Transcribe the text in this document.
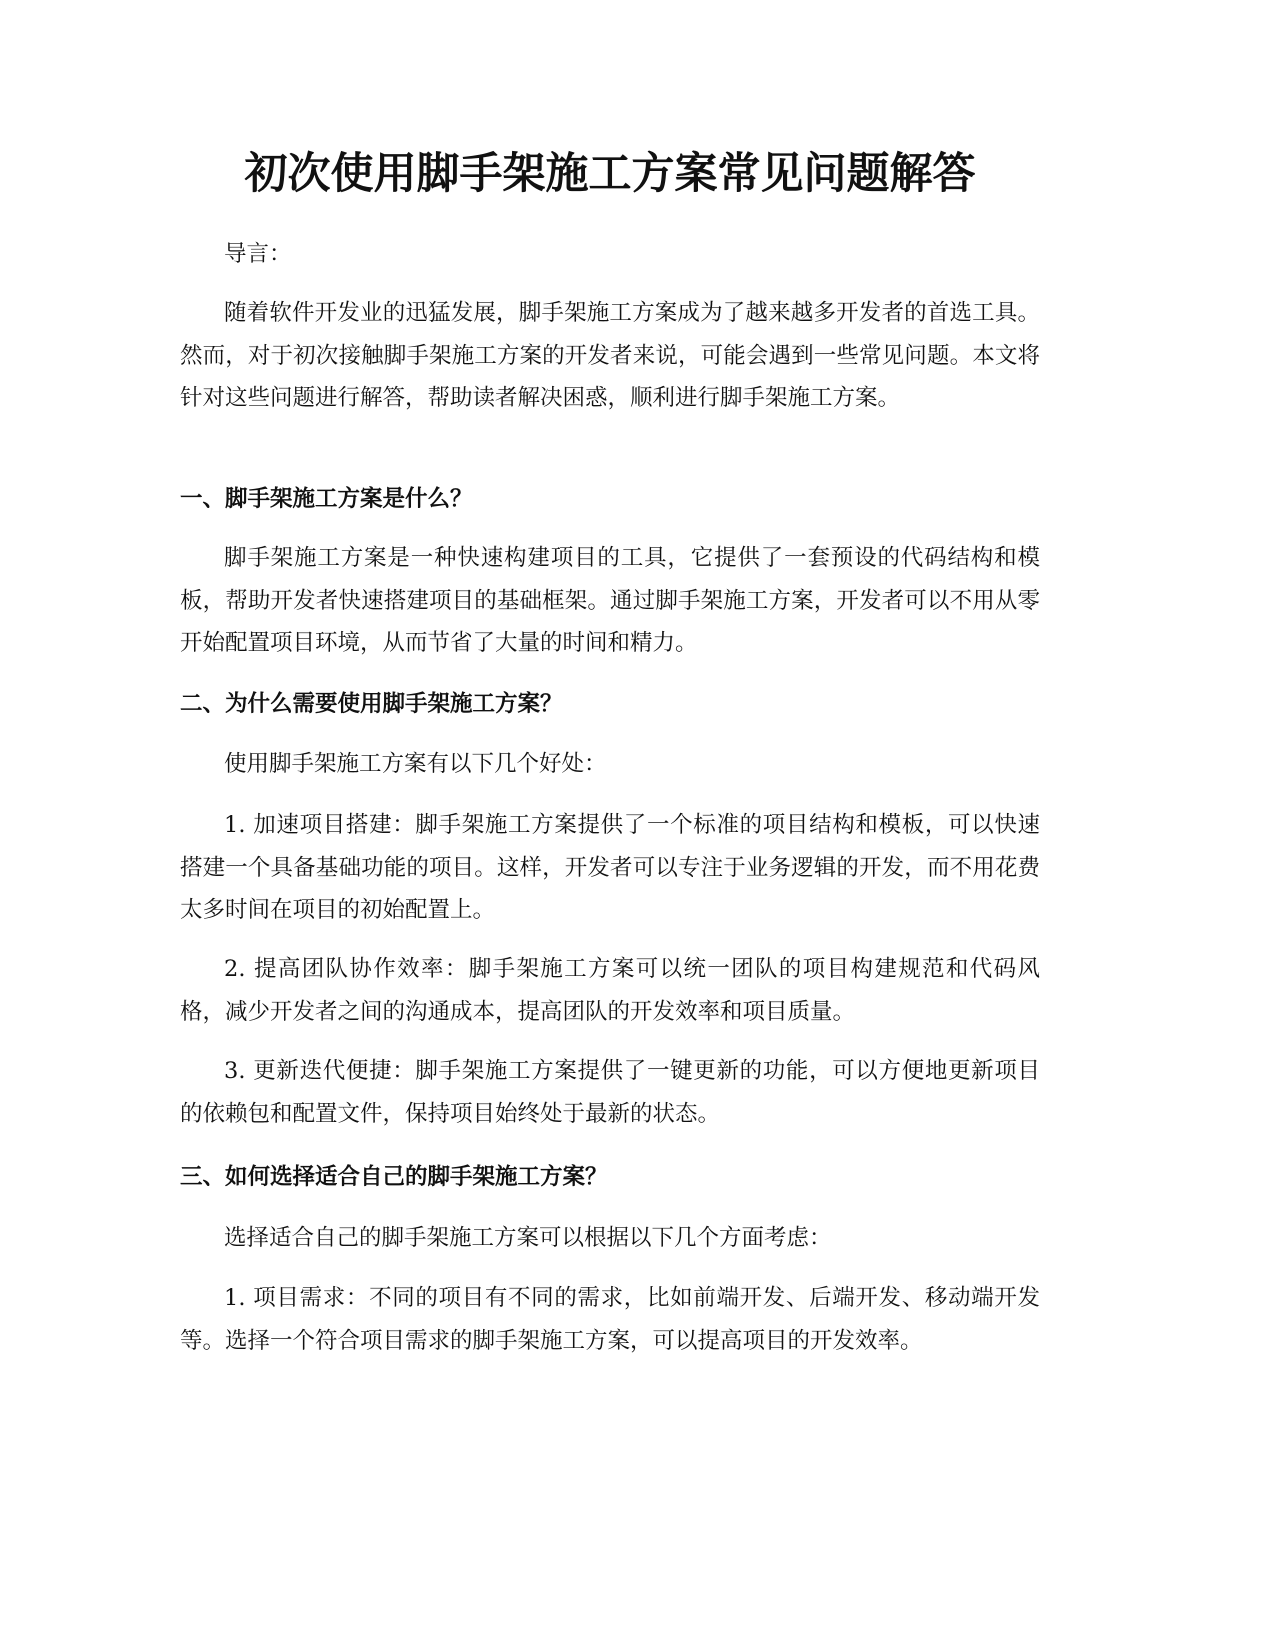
初次使用脚手架施工方案常见问题解答

导言：

随着软件开发业的迅猛发展，脚手架施工方案成为了越来越多开发者的首选工具。然而，对于初次接触脚手架施工方案的开发者来说，可能会遇到一些常见问题。本文将针对这些问题进行解答，帮助读者解决困惑，顺利进行脚手架施工方案。

一、脚手架施工方案是什么？

脚手架施工方案是一种快速构建项目的工具，它提供了一套预设的代码结构和模板，帮助开发者快速搭建项目的基础框架。通过脚手架施工方案，开发者可以不用从零开始配置项目环境，从而节省了大量的时间和精力。

二、为什么需要使用脚手架施工方案？

使用脚手架施工方案有以下几个好处：

1. 加速项目搭建：脚手架施工方案提供了一个标准的项目结构和模板，可以快速搭建一个具备基础功能的项目。这样，开发者可以专注于业务逻辑的开发，而不用花费太多时间在项目的初始配置上。

2. 提高团队协作效率：脚手架施工方案可以统一团队的项目构建规范和代码风格，减少开发者之间的沟通成本，提高团队的开发效率和项目质量。

3. 更新迭代便捷：脚手架施工方案提供了一键更新的功能，可以方便地更新项目的依赖包和配置文件，保持项目始终处于最新的状态。

三、如何选择适合自己的脚手架施工方案？

选择适合自己的脚手架施工方案可以根据以下几个方面考虑：

1. 项目需求：不同的项目有不同的需求，比如前端开发、后端开发、移动端开发等。选择一个符合项目需求的脚手架施工方案，可以提高项目的开发效率。
